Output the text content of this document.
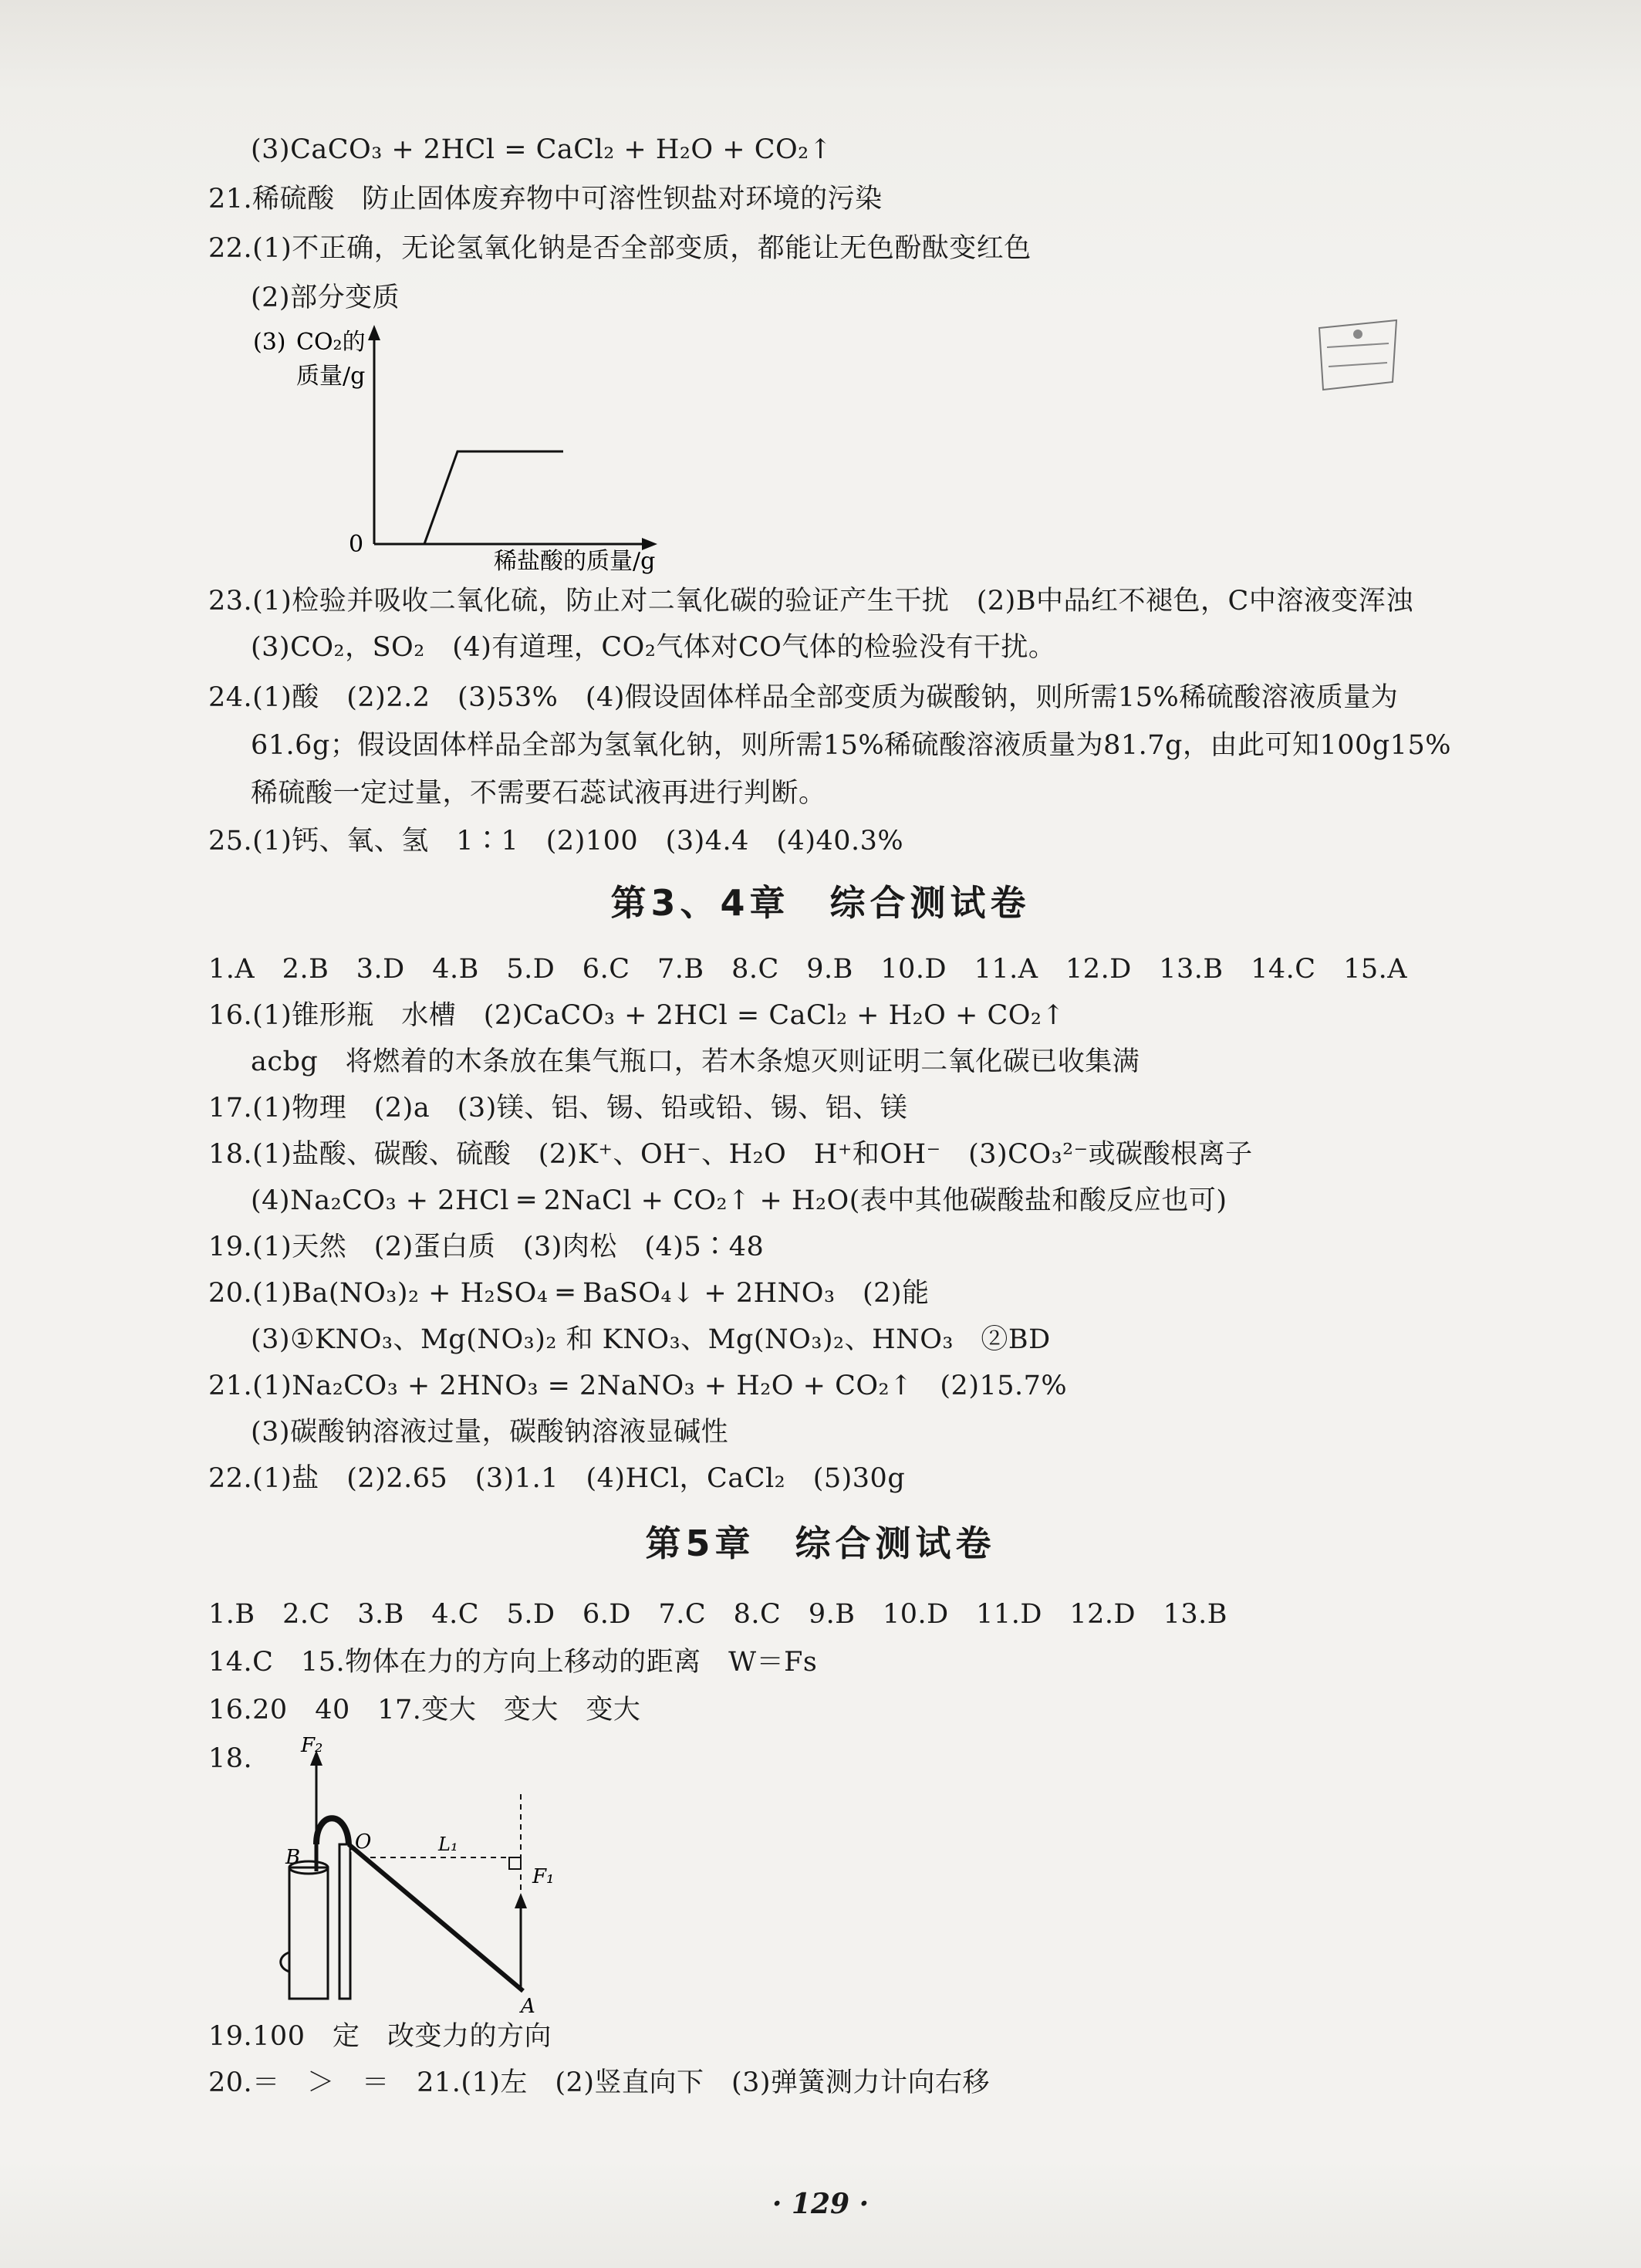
(3)CaCO₃ + 2HCl = CaCl₂ + H₂O + CO₂↑
21.稀硫酸　防止固体废弃物中可溶性钡盐对环境的污染
22.(1)不正确，无论氢氧化钠是否全部变质，都能让无色酚酞变红色
(2)部分变质
(3) CO₂的
质量/g
0
稀盐酸的质量/g
23.(1)检验并吸收二氧化硫，防止对二氧化碳的验证产生干扰　(2)B中品红不褪色，C中溶液变浑浊
(3)CO₂，SO₂　(4)有道理，CO₂气体对CO气体的检验没有干扰。
24.(1)酸　(2)2.2　(3)53%　(4)假设固体样品全部变质为碳酸钠，则所需15%稀硫酸溶液质量为
61.6g；假设固体样品全部为氢氧化钠，则所需15%稀硫酸溶液质量为81.7g，由此可知100g15%
稀硫酸一定过量，不需要石蕊试液再进行判断。
25.(1)钙、氧、氢　1∶1　(2)100　(3)4.4　(4)40.3%
第3、4章　综合测试卷
1.A　2.B　3.D　4.B　5.D　6.C　7.B　8.C　9.B　10.D　11.A　12.D　13.B　14.C　15.A
16.(1)锥形瓶　水槽　(2)CaCO₃ + 2HCl = CaCl₂ + H₂O + CO₂↑
acbg　将燃着的木条放在集气瓶口，若木条熄灭则证明二氧化碳已收集满
17.(1)物理　(2)a　(3)镁、铝、锡、铅或铅、锡、铝、镁
18.(1)盐酸、碳酸、硫酸　(2)K⁺、OH⁻、H₂O　H⁺和OH⁻　(3)CO₃²⁻或碳酸根离子
(4)Na₂CO₃ + 2HCl ═ 2NaCl + CO₂↑ + H₂O(表中其他碳酸盐和酸反应也可)
19.(1)天然　(2)蛋白质　(3)肉松　(4)5∶48
20.(1)Ba(NO₃)₂ + H₂SO₄ ═ BaSO₄↓ + 2HNO₃　(2)能
(3)①KNO₃、Mg(NO₃)₂ 和 KNO₃、Mg(NO₃)₂、HNO₃　②BD
21.(1)Na₂CO₃ + 2HNO₃ = 2NaNO₃ + H₂O + CO₂↑　(2)15.7%
(3)碳酸钠溶液过量，碳酸钠溶液显碱性
22.(1)盐　(2)2.65　(3)1.1　(4)HCl，CaCl₂　(5)30g
第5章　综合测试卷
1.B　2.C　3.B　4.C　5.D　6.D　7.C　8.C　9.B　10.D　11.D　12.D　13.B
14.C　15.物体在力的方向上移动的距离　W＝Fs
16.20　40　17.变大　变大　变大
18. F₂
B
O	L₁
F₁
A
19.100　定　改变力的方向
20.＝　＞　＝　21.(1)左　(2)竖直向下　(3)弹簧测力计向右移
· 129 ·
